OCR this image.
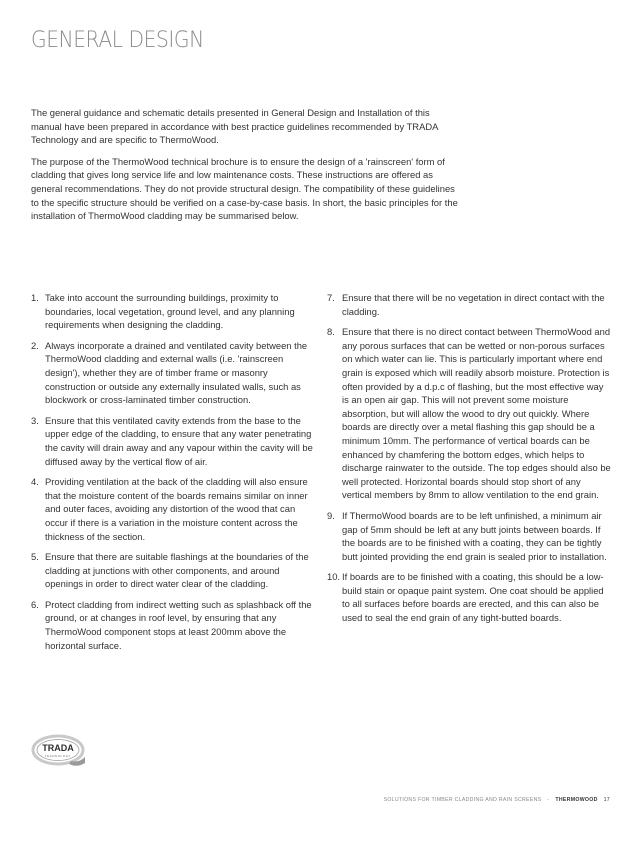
GENERAL DESIGN

The general guidance and schematic details presented in General Design and Installation of this manual have been prepared in accordance with best practice guidelines recommended by TRADA Technology and are specific to ThermoWood.

The purpose of the ThermoWood technical brochure is to ensure the design of a 'rainscreen' form of cladding that gives long service life and low maintenance costs. These instructions are offered as general recommendations. They do not provide structural design. The compatibility of these guidelines to the specific structure should be verified on a case-by-case basis. In short, the basic principles for the installation of ThermoWood cladding may be summarised below.

1. Take into account the surrounding buildings, proximity to boundaries, local vegetation, ground level, and any planning requirements when designing the cladding.
2. Always incorporate a drained and ventilated cavity between the ThermoWood cladding and external walls (i.e. 'rainscreen design'), whether they are of timber frame or masonry construction or outside any externally insulated walls, such as blockwork or cross-laminated timber construction.
3. Ensure that this ventilated cavity extends from the base to the upper edge of the cladding, to ensure that any water penetrating the cavity will drain away and any vapour within the cavity will be diffused away by the vertical flow of air.
4. Providing ventilation at the back of the cladding will also ensure that the moisture content of the boards remains similar on inner and outer faces, avoiding any distortion of the wood that can occur if there is a variation in the moisture content across the thickness of the section.
5. Ensure that there are suitable flashings at the boundaries of the cladding at junctions with other components, and around openings in order to direct water clear of the cladding.
6. Protect cladding from indirect wetting such as splashback off the ground, or at changes in roof level, by ensuring that any ThermoWood component stops at least 200mm above the horizontal surface.
7. Ensure that there will be no vegetation in direct contact with the cladding.
8. Ensure that there is no direct contact between ThermoWood and any porous surfaces that can be wetted or non-porous surfaces on which water can lie. This is particularly important where end grain is exposed which will readily absorb moisture. Protection is often provided by a d.p.c of flashing, but the most effective way is an open air gap. This will not prevent some moisture absorption, but will allow the wood to dry out quickly. Where boards are directly over a metal flashing this gap should be a minimum 10mm. The performance of vertical boards can be enhanced by chamfering the bottom edges, which helps to discharge rainwater to the outside. The top edges should also be well protected. Horizontal boards should stop short of any vertical members by 8mm to allow ventilation to the end grain.
9. If ThermoWood boards are to be left unfinished, a minimum air gap of 5mm should be left at any butt joints between boards. If the boards are to be finished with a coating, they can be tightly butt jointed providing the end grain is sealed prior to installation.
10. If boards are to be finished with a coating, this should be a low-build stain or opaque paint system. One coat should be applied to all surfaces before boards are erected, and this can also be used to seal the end grain of any tight-butted boards.
TRADA
TECHNOLOGY
SOLUTIONS FOR TIMBER CLADDING AND RAIN SCREENS - THERMOWOOD 17
